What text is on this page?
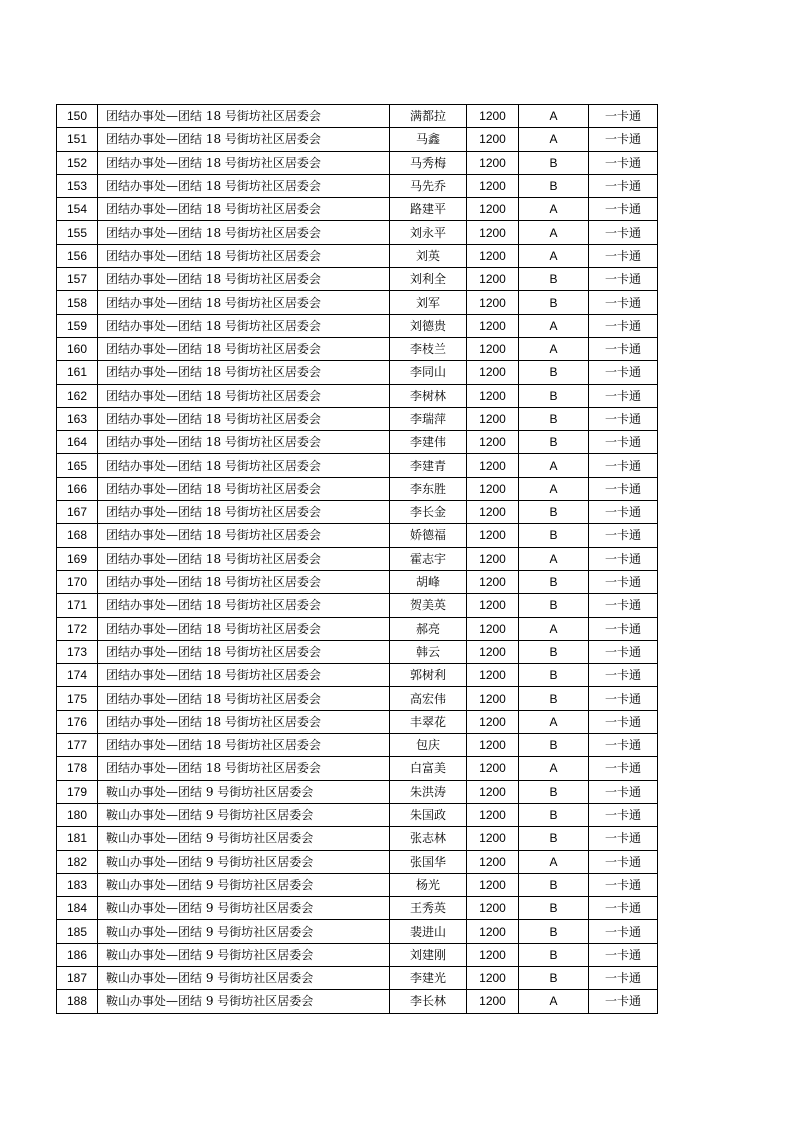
150	团结办事处—团结 18 号街坊社区居委会	满都拉	1200	A	一卡通
151	团结办事处—团结 18 号街坊社区居委会	马鑫	1200	A	一卡通
152	团结办事处—团结 18 号街坊社区居委会	马秀梅	1200	B	一卡通
153	团结办事处—团结 18 号街坊社区居委会	马先乔	1200	B	一卡通
154	团结办事处—团结 18 号街坊社区居委会	路建平	1200	A	一卡通
155	团结办事处—团结 18 号街坊社区居委会	刘永平	1200	A	一卡通
156	团结办事处—团结 18 号街坊社区居委会	刘英	1200	A	一卡通
157	团结办事处—团结 18 号街坊社区居委会	刘利全	1200	B	一卡通
158	团结办事处—团结 18 号街坊社区居委会	刘军	1200	B	一卡通
159	团结办事处—团结 18 号街坊社区居委会	刘德贵	1200	A	一卡通
160	团结办事处—团结 18 号街坊社区居委会	李枝兰	1200	A	一卡通
161	团结办事处—团结 18 号街坊社区居委会	李同山	1200	B	一卡通
162	团结办事处—团结 18 号街坊社区居委会	李树林	1200	B	一卡通
163	团结办事处—团结 18 号街坊社区居委会	李瑞萍	1200	B	一卡通
164	团结办事处—团结 18 号街坊社区居委会	李建伟	1200	B	一卡通
165	团结办事处—团结 18 号街坊社区居委会	李建青	1200	A	一卡通
166	团结办事处—团结 18 号街坊社区居委会	李东胜	1200	A	一卡通
167	团结办事处—团结 18 号街坊社区居委会	李长金	1200	B	一卡通
168	团结办事处—团结 18 号街坊社区居委会	娇德福	1200	B	一卡通
169	团结办事处—团结 18 号街坊社区居委会	霍志宇	1200	A	一卡通
170	团结办事处—团结 18 号街坊社区居委会	胡峰	1200	B	一卡通
171	团结办事处—团结 18 号街坊社区居委会	贺美英	1200	B	一卡通
172	团结办事处—团结 18 号街坊社区居委会	郝亮	1200	A	一卡通
173	团结办事处—团结 18 号街坊社区居委会	韩云	1200	B	一卡通
174	团结办事处—团结 18 号街坊社区居委会	郭树利	1200	B	一卡通
175	团结办事处—团结 18 号街坊社区居委会	高宏伟	1200	B	一卡通
176	团结办事处—团结 18 号街坊社区居委会	丰翠花	1200	A	一卡通
177	团结办事处—团结 18 号街坊社区居委会	包庆	1200	B	一卡通
178	团结办事处—团结 18 号街坊社区居委会	白富美	1200	A	一卡通
179	鞍山办事处—团结 9 号街坊社区居委会	朱洪涛	1200	B	一卡通
180	鞍山办事处—团结 9 号街坊社区居委会	朱国政	1200	B	一卡通
181	鞍山办事处—团结 9 号街坊社区居委会	张志林	1200	B	一卡通
182	鞍山办事处—团结 9 号街坊社区居委会	张国华	1200	A	一卡通
183	鞍山办事处—团结 9 号街坊社区居委会	杨光	1200	B	一卡通
184	鞍山办事处—团结 9 号街坊社区居委会	王秀英	1200	B	一卡通
185	鞍山办事处—团结 9 号街坊社区居委会	裴进山	1200	B	一卡通
186	鞍山办事处—团结 9 号街坊社区居委会	刘建刚	1200	B	一卡通
187	鞍山办事处—团结 9 号街坊社区居委会	李建光	1200	B	一卡通
188	鞍山办事处—团结 9 号街坊社区居委会	李长林	1200	A	一卡通
